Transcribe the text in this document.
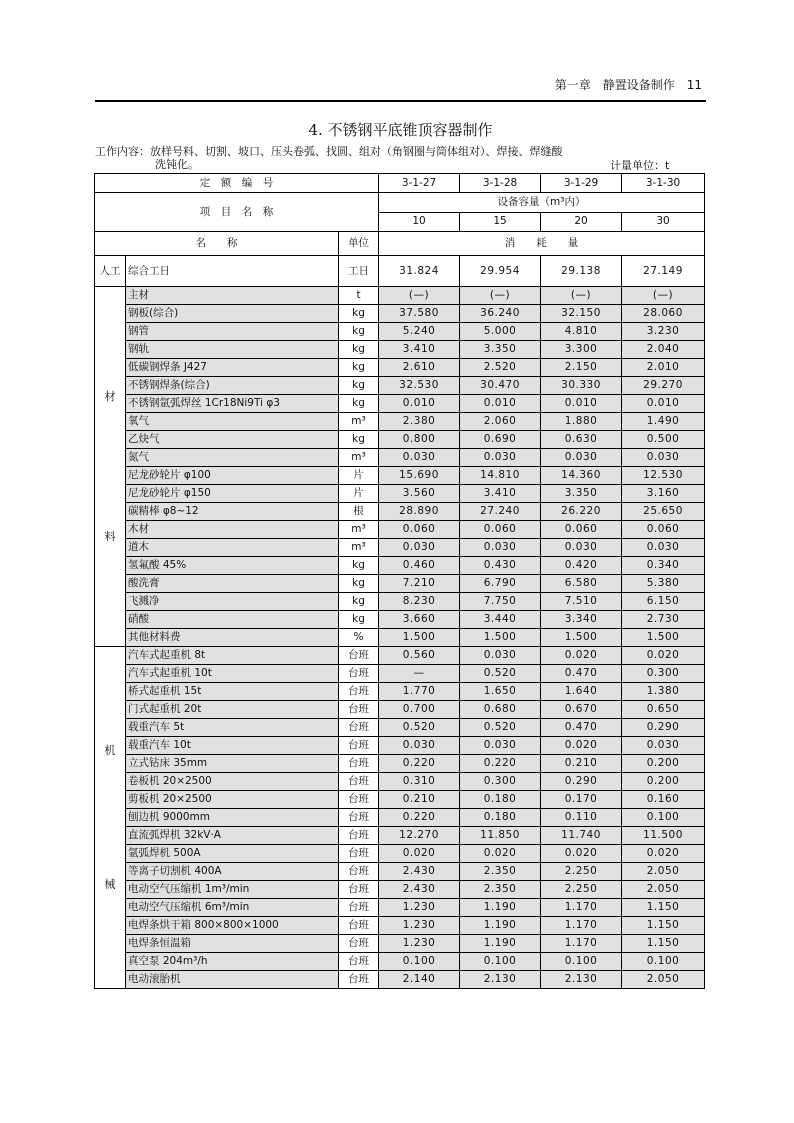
第一章　静置设备制作　11
4. 不锈钢平底锥顶容器制作
工作内容：放样号料、切割、坡口、压头卷弧、找圆、组对（角钢圈与筒体组对）、焊接、焊缝酸
洗钝化。	计量单位：t
定　额　编　号			3-1-27	3-1-28	3-1-29	3-1-30
项　目　名　称			设备容量（m³内）			
			10	15	20	30
名　　称		单位	消　　耗　　量			
人工	综合工日	工日	31.824	29.954	29.138	27.149

材
料	主材	t	(—)	(—)	(—)	(—)
	钢板(综合)	kg	37.580	36.240	32.150	28.060
	钢管	kg	5.240	5.000	4.810	3.230
	钢轨	kg	3.410	3.350	3.300	2.040
	低碳钢焊条 J427	kg	2.610	2.520	2.150	2.010
	不锈钢焊条(综合)	kg	32.530	30.470	30.330	29.270
	不锈钢氩弧焊丝 1Cr18Ni9Ti φ3	kg	0.010	0.010	0.010	0.010
	氧气	m³	2.380	2.060	1.880	1.490
	乙炔气	kg	0.800	0.690	0.630	0.500
	氮气	m³	0.030	0.030	0.030	0.030
	尼龙砂轮片 φ100	片	15.690	14.810	14.360	12.530
	尼龙砂轮片 φ150	片	3.560	3.410	3.350	3.160
	碳精棒 φ8~12	根	28.890	27.240	26.220	25.650
	木材	m³	0.060	0.060	0.060	0.060
	道木	m³	0.030	0.030	0.030	0.030
	氢氟酸 45%	kg	0.460	0.430	0.420	0.340
	酸洗膏	kg	7.210	6.790	6.580	5.380
	飞溅净	kg	8.230	7.750	7.510	6.150
	硝酸	kg	3.660	3.440	3.340	2.730
	其他材料费	%	1.500	1.500	1.500	1.500

机
械	汽车式起重机 8t	台班	0.560	0.030	0.020	0.020
	汽车式起重机 10t	台班	—	0.520	0.470	0.300
	桥式起重机 15t	台班	1.770	1.650	1.640	1.380
	门式起重机 20t	台班	0.700	0.680	0.670	0.650
	载重汽车 5t	台班	0.520	0.520	0.470	0.290
	载重汽车 10t	台班	0.030	0.030	0.020	0.030
	立式钻床 35mm	台班	0.220	0.220	0.210	0.200
	卷板机 20×2500	台班	0.310	0.300	0.290	0.200
	剪板机 20×2500	台班	0.210	0.180	0.170	0.160
	刨边机 9000mm	台班	0.220	0.180	0.110	0.100
	直流弧焊机 32kV·A	台班	12.270	11.850	11.740	11.500
	氩弧焊机 500A	台班	0.020	0.020	0.020	0.020
	等离子切割机 400A	台班	2.430	2.350	2.250	2.050
	电动空气压缩机 1m³/min	台班	2.430	2.350	2.250	2.050
	电动空气压缩机 6m³/min	台班	1.230	1.190	1.170	1.150
	电焊条烘干箱 800×800×1000	台班	1.230	1.190	1.170	1.150
	电焊条恒温箱	台班	1.230	1.190	1.170	1.150
	真空泵 204m³/h	台班	0.100	0.100	0.100	0.100
	电动滚胎机	台班	2.140	2.130	2.130	2.050
